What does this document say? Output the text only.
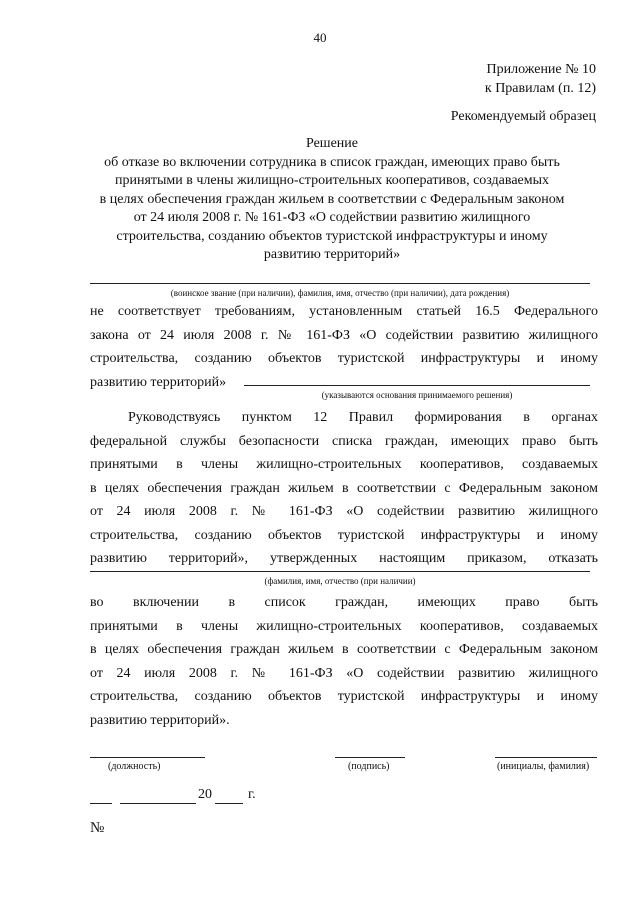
40
Приложение № 10
к Правилам (п. 12)
Рекомендуемый образец
Решение
об отказе во включении сотрудника в список граждан, имеющих право быть
принятыми в члены жилищно-строительных кооперативов, создаваемых
в целях обеспечения граждан жильем в соответствии с Федеральным законом
от 24 июля 2008 г. № 161-ФЗ «О содействии развитию жилищного
строительства, созданию объектов туристской инфраструктуры и иному
развитию территорий»
(воинское звание (при наличии), фамилия, имя, отчество (при наличии), дата рождения)
не соответствует требованиям, установленным статьей 16.5 Федерального
закона от 24 июля 2008 г. № 161-ФЗ «О содействии развитию жилищного
строительства, созданию объектов туристской инфраструктуры и иному
развитию территорий»
(указываются основания принимаемого решения)
Руководствуясь пунктом 12 Правил формирования в органах
федеральной службы безопасности списка граждан, имеющих право быть
принятыми в члены жилищно-строительных кооперативов, создаваемых
в целях обеспечения граждан жильем в соответствии с Федеральным законом
от 24 июля 2008 г. № 161-ФЗ «О содействии развитию жилищного
строительства, созданию объектов туристской инфраструктуры и иному
развитию территорий», утвержденных настоящим приказом, отказать
(фамилия, имя, отчество (при наличии)
во включении в список граждан, имеющих право быть
принятыми в члены жилищно-строительных кооперативов, создаваемых
в целях обеспечения граждан жильем в соответствии с Федеральным законом
от 24 июля 2008 г. № 161-ФЗ «О содействии развитию жилищного
строительства, созданию объектов туристской инфраструктуры и иному
развитию территорий».
(должность)	(подпись)	(инициалы, фамилия)
20	г.
№
